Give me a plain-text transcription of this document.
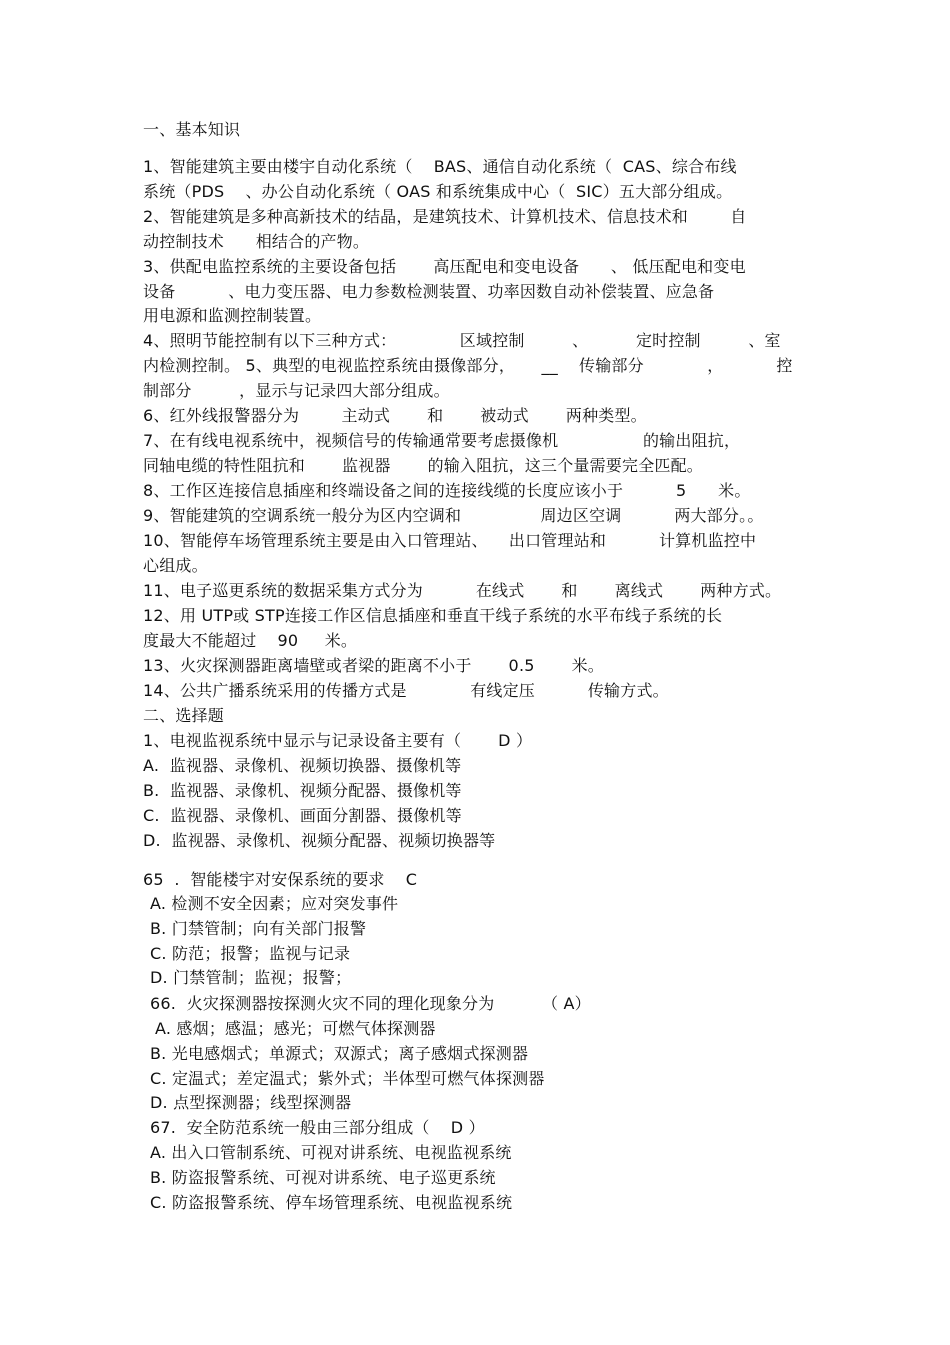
一、基本知识
1、智能建筑主要由楼宇自动化系统（    BAS、通信自动化系统（  CAS、综合布线
系统（PDS    、办公自动化系统（ OAS 和系统集成中心（  SIC）五大部分组成。
2、智能建筑是多种高新技术的结晶，是建筑技术、计算机技术、信息技术和        自
动控制技术      相结合的产物。
3、供配电监控系统的主要设备包括       高压配电和变电设备      、 低压配电和变电
设备          、电力变压器、电力参数检测装置、功率因数自动补偿装置、应急备
用电源和监测控制装置。
4、照明节能控制有以下三种方式：            区域控制         、         定时控制         、室
内检测控制。 5、典型的电视监控系统由摄像部分，     __    传输部分            ，          控
制部分         ，显示与记录四大部分组成。
6、红外线报警器分为        主动式       和       被动式       两种类型。
7、在有线电视系统中，视频信号的传输通常要考虑摄像机                的输出阻抗，
同轴电缆的特性阻抗和       监视器       的输入阻抗，这三个量需要完全匹配。
8、工作区连接信息插座和终端设备之间的连接线缆的长度应该小于          5      米。
9、智能建筑的空调系统一般分为区内空调和               周边区空调          两大部分。。
10、智能停车场管理系统主要是由入口管理站、    出口管理站和          计算机监控中
心组成。
11、电子巡更系统的数据采集方式分为          在线式       和       离线式       两种方式。
12、用 UTP或 STP连接工作区信息插座和垂直干线子系统的水平布线子系统的长
度最大不能超过    90     米。
13、火灾探测器距离墙壁或者梁的距离不小于       0.5       米。
14、公共广播系统采用的传播方式是            有线定压          传输方式。
二、选择题
1、电视监视系统中显示与记录设备主要有（       D ）
A.  监视器、录像机、视频切换器、摄像机等
B.  监视器、录像机、视频分配器、摄像机等
C.  监视器、录像机、画面分割器、摄像机等
D.  监视器、录像机、视频分配器、视频切换器等
65  .  智能楼宇对安保系统的要求    C
A. 检测不安全因素；应对突发事件
B. 门禁管制；向有关部门报警
C. 防范；报警；监视与记录
D. 门禁管制；监视；报警；
66.  火灾探测器按探测火灾不同的理化现象分为         （ A）
A. 感烟；感温；感光；可燃气体探测器
B. 光电感烟式；单源式；双源式；离子感烟式探测器
C. 定温式；差定温式；紫外式；半体型可燃气体探测器
D. 点型探测器；线型探测器
67.  安全防范系统一般由三部分组成（    D ）
A. 出入口管制系统、可视对讲系统、电视监视系统
B. 防盗报警系统、可视对讲系统、电子巡更系统
C. 防盗报警系统、停车场管理系统、电视监视系统
